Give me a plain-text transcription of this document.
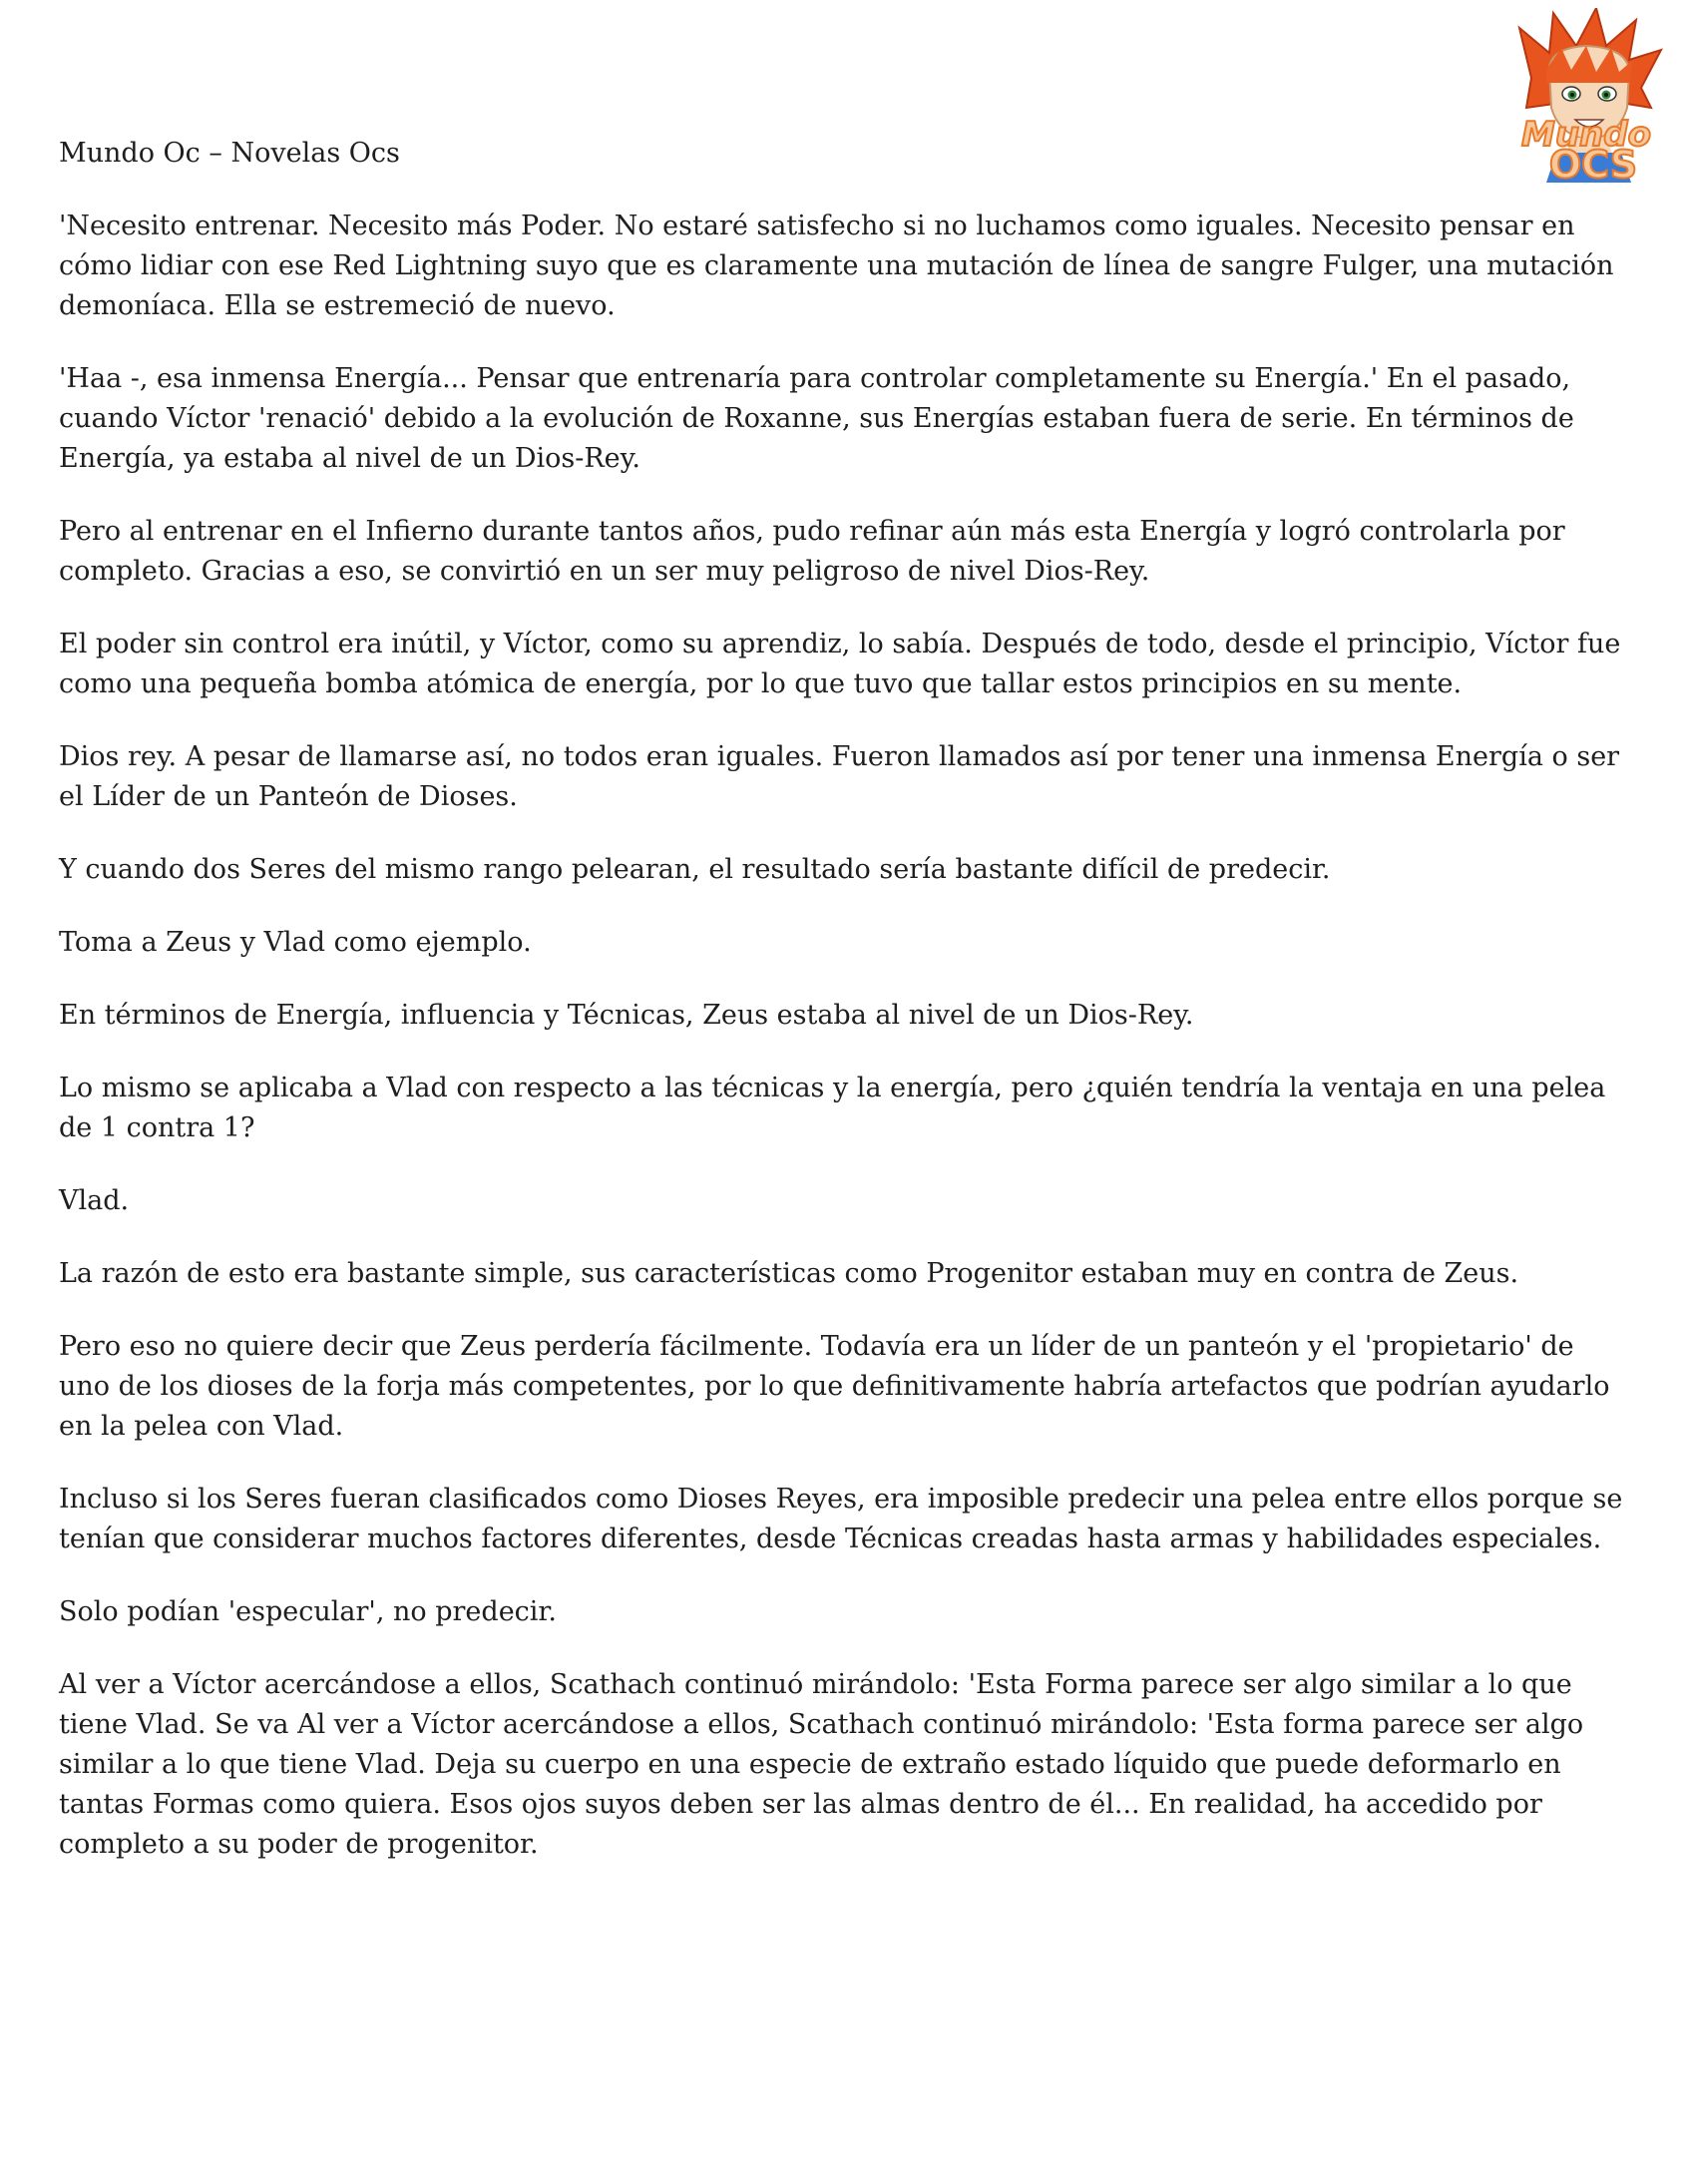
Mundo
OCS
Mundo Oc – Novelas Ocs

'Necesito entrenar. Necesito más Poder. No estaré satisfecho si no luchamos como iguales. Necesito pensar en cómo lidiar con ese Red Lightning suyo que es claramente una mutación de línea de sangre Fulger, una mutación demoníaca. Ella se estremeció de nuevo.

'Haa -, esa inmensa Energía... Pensar que entrenaría para controlar completamente su Energía.' En el pasado, cuando Víctor 'renació' debido a la evolución de Roxanne, sus Energías estaban fuera de serie. En términos de Energía, ya estaba al nivel de un Dios-Rey.

Pero al entrenar en el Infierno durante tantos años, pudo refinar aún más esta Energía y logró controlarla por completo. Gracias a eso, se convirtió en un ser muy peligroso de nivel Dios-Rey.

El poder sin control era inútil, y Víctor, como su aprendiz, lo sabía. Después de todo, desde el principio, Víctor fue como una pequeña bomba atómica de energía, por lo que tuvo que tallar estos principios en su mente.

Dios rey. A pesar de llamarse así, no todos eran iguales. Fueron llamados así por tener una inmensa Energía o ser el Líder de un Panteón de Dioses.

Y cuando dos Seres del mismo rango pelearan, el resultado sería bastante difícil de predecir.

Toma a Zeus y Vlad como ejemplo.

En términos de Energía, influencia y Técnicas, Zeus estaba al nivel de un Dios-Rey.

Lo mismo se aplicaba a Vlad con respecto a las técnicas y la energía, pero ¿quién tendría la ventaja en una pelea de 1 contra 1?

Vlad.

La razón de esto era bastante simple, sus características como Progenitor estaban muy en contra de Zeus.

Pero eso no quiere decir que Zeus perdería fácilmente. Todavía era un líder de un panteón y el 'propietario' de uno de los dioses de la forja más competentes, por lo que definitivamente habría artefactos que podrían ayudarlo en la pelea con Vlad.

Incluso si los Seres fueran clasificados como Dioses Reyes, era imposible predecir una pelea entre ellos porque se tenían que considerar muchos factores diferentes, desde Técnicas creadas hasta armas y habilidades especiales.

Solo podían 'especular', no predecir.

Al ver a Víctor acercándose a ellos, Scathach continuó mirándolo: 'Esta Forma parece ser algo similar a lo que tiene Vlad. Se va Al ver a Víctor acercándose a ellos, Scathach continuó mirándolo: 'Esta forma parece ser algo similar a lo que tiene Vlad. Deja su cuerpo en una especie de extraño estado líquido que puede deformarlo en tantas Formas como quiera. Esos ojos suyos deben ser las almas dentro de él... En realidad, ha accedido por completo a su poder de progenitor.
